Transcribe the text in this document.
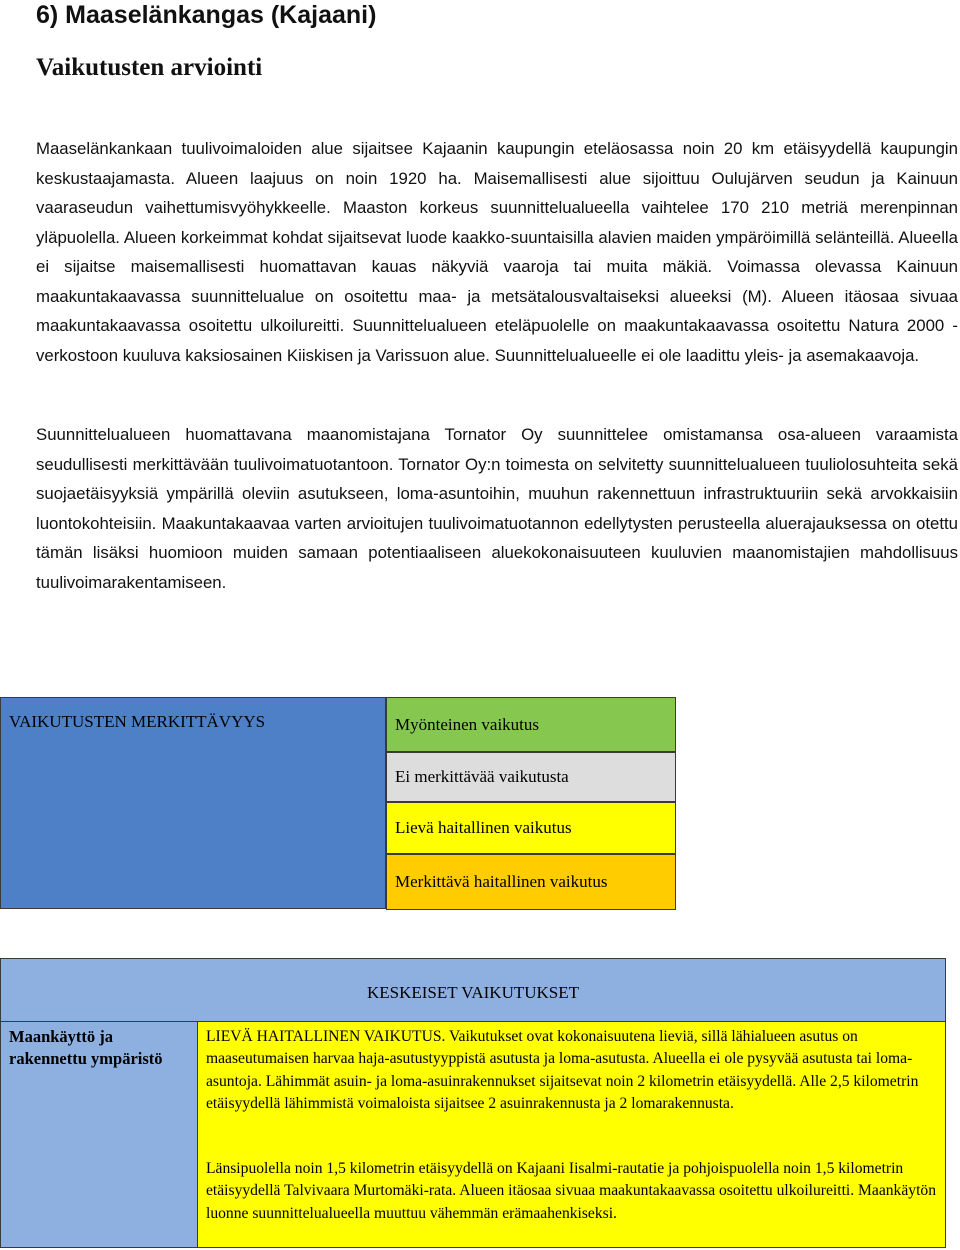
6) Maaselänkangas (Kajaani)
Vaikutusten arviointi

Maaselänkankaan tuulivoimaloiden alue sijaitsee Kajaanin kaupungin eteläosassa noin 20 km etäisyydellä kaupungin keskustaajamasta. Alueen laajuus on noin 1920 ha. Maisemallisesti alue sijoittuu Oulujärven seudun ja Kainuun vaaraseudun vaihettumisvyöhykkeelle. Maaston korkeus suunnittelualueella vaihtelee 170 210 metriä merenpinnan yläpuolella. Alueen korkeimmat kohdat sijaitsevat luode kaakko-suuntaisilla alavien maiden ympäröimillä selänteillä. Alueella ei sijaitse maisemallisesti huomattavan kauas näkyviä vaaroja tai muita mäkiä. Voimassa olevassa Kainuun maakuntakaavassa suunnittelualue on osoitettu maa- ja metsätalousvaltaiseksi alueeksi (M). Alueen itäosaa sivuaa maakuntakaavassa osoitettu ulkoilureitti. Suunnittelualueen eteläpuolelle on maakuntakaavassa osoitettu Natura 2000 -verkostoon kuuluva kaksiosainen Kiiskisen ja Varissuon alue. Suunnittelualueelle ei ole laadittu yleis- ja asemakaavoja.

Suunnittelualueen huomattavana maanomistajana Tornator Oy suunnittelee omistamansa osa-alueen varaamista seudullisesti merkittävään tuulivoimatuotantoon. Tornator Oy:n toimesta on selvitetty suunnittelualueen tuuliolosuhteita sekä suojaetäisyyksiä ympärillä oleviin asutukseen, loma-asuntoihin, muuhun rakennettuun infrastruktuuriin sekä arvokkaisiin luontokohteisiin. Maakuntakaavaa varten arvioitujen tuulivoimatuotannon edellytysten perusteella aluerajauksessa on otettu tämän lisäksi huomioon muiden samaan potentiaaliseen aluekokonaisuuteen kuuluvien maanomistajien mahdollisuus tuulivoimarakentamiseen.

VAIKUTUSTEN MERKITTÄVYYS	Myönteinen vaikutus
Ei merkittävää vaikutusta
Lievä haitallinen vaikutus
Merkittävä haitallinen vaikutus
KESKEISET VAIKUTUKSET
Maankäyttö ja rakennettu ympäristö

LIEVÄ HAITALLINEN VAIKUTUS. Vaikutukset ovat kokonaisuutena lieviä, sillä lähialueen asutus on maaseutumaisen harvaa haja-asutustyyppistä asutusta ja loma-asutusta. Alueella ei ole pysyvää asutusta tai loma-asuntoja. Lähimmät asuin- ja loma-asuinrakennukset sijaitsevat noin 2 kilometrin etäisyydellä. Alle 2,5 kilometrin etäisyydellä lähimmistä voimaloista sijaitsee 2 asuinrakennusta ja 2 lomarakennusta.

Länsipuolella noin 1,5 kilometrin etäisyydellä on Kajaani Iisalmi-rautatie ja pohjoispuolella noin 1,5 kilometrin etäisyydellä Talvivaara Murtomäki-rata. Alueen itäosaa sivuaa maakuntakaavassa osoitettu ulkoilureitti. Maankäytön luonne suunnittelualueella muuttuu vähemmän erämaahenkiseksi.
